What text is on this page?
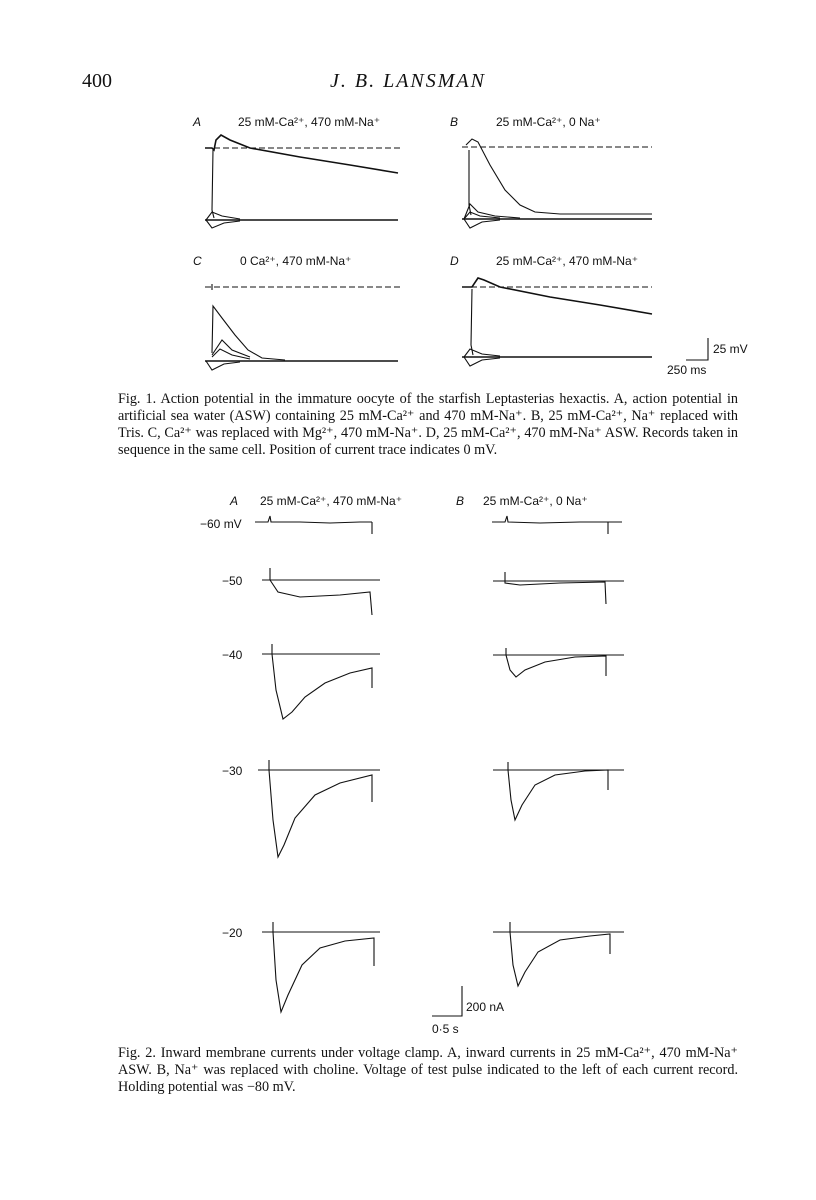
400	J. B. LANSMAN
A	25 mM-Ca²⁺, 470 mM-Na⁺	B	25 mM-Ca²⁺, 0 Na⁺
C	0 Ca²⁺, 470 mM-Na⁺	D	25 mM-Ca²⁺, 470 mM-Na⁺
25 mV
250 ms
Fig. 1. Action potential in the immature oocyte of the starfish Leptasterias hexactis. A, action potential in artificial sea water (ASW) containing 25 mM-Ca²⁺ and 470 mM-Na⁺. B, 25 mM-Ca²⁺, Na⁺ replaced with Tris. C, Ca²⁺ was replaced with Mg²⁺, 470 mM-Na⁺. D, 25 mM-Ca²⁺, 470 mM-Na⁺ ASW. Records taken in sequence in the same cell. Position of current trace indicates 0 mV.
A 25 mM-Ca²⁺, 470 mM-Na⁺	B 25 mM-Ca²⁺, 0 Na⁺
−60 mV
−50
−40
−30
−20
200 nA
0·5 s
Fig. 2. Inward membrane currents under voltage clamp. A, inward currents in 25 mM-Ca²⁺, 470 mM-Na⁺ ASW. B, Na⁺ was replaced with choline. Voltage of test pulse indicated to the left of each current record. Holding potential was −80 mV.
